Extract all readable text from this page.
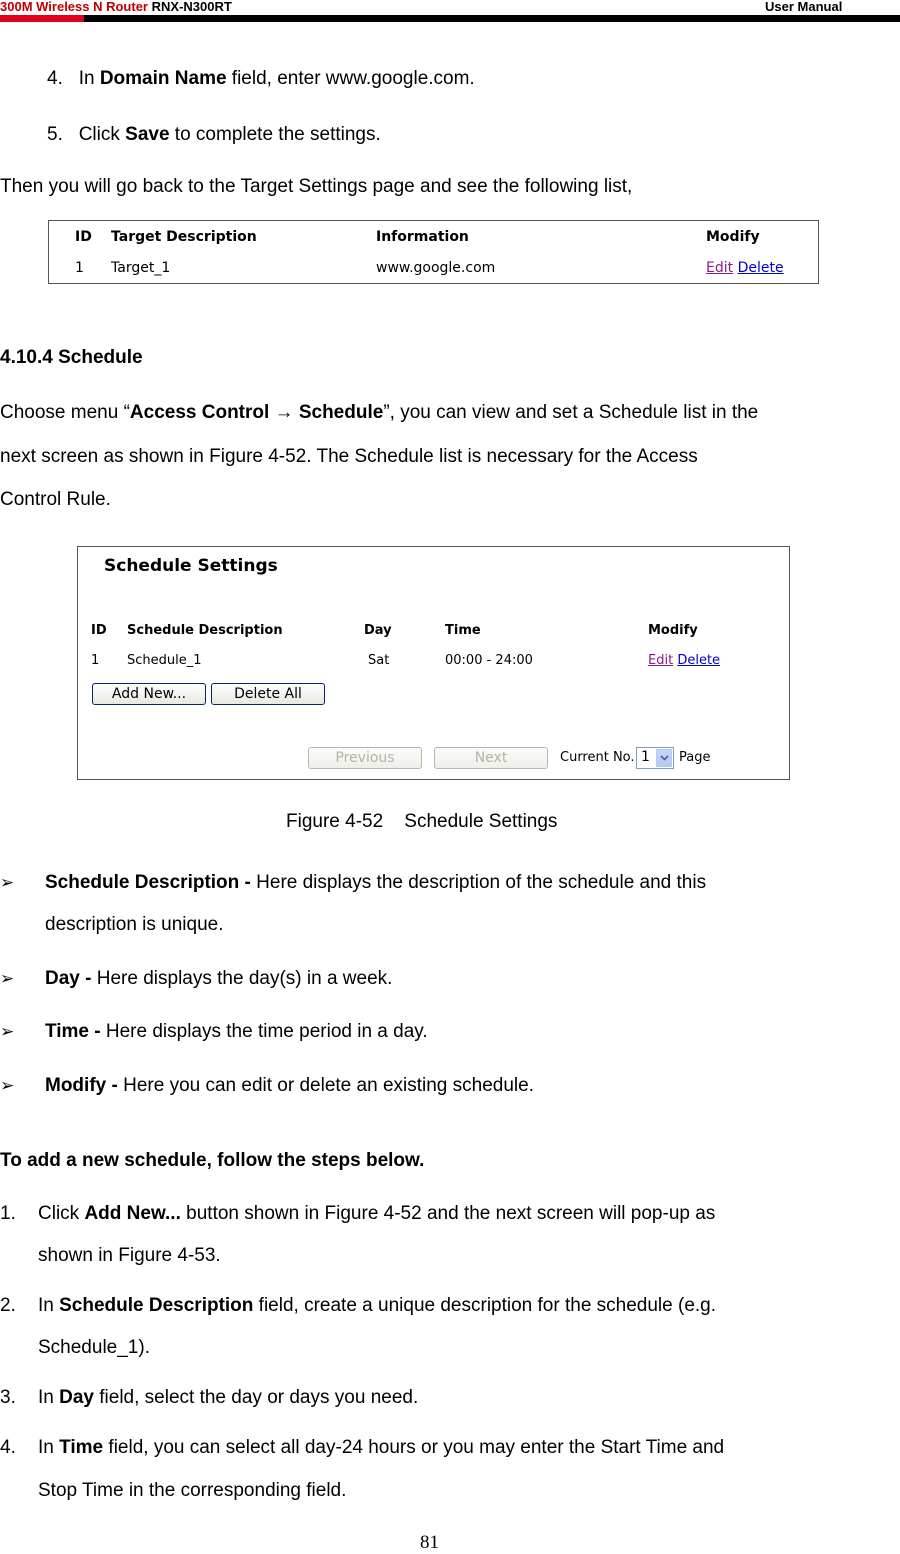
300M Wireless N Router RNX-N300RT	User Manual
4. In Domain Name field, enter www.google.com.
5. Click Save to complete the settings.
Then you will go back to the Target Settings page and see the following list,
ID Target Description	Information	Modify
1 Target_1	www.google.com	Edit Delete
4.10.4 Schedule
Choose menu “Access Control → Schedule”, you can view and set a Schedule list in the
next screen as shown in Figure 4-52. The Schedule list is necessary for the Access
Control Rule.
Schedule Settings
ID Schedule Description	Day	Time	Modify
1 Schedule_1	Sat	00:00 - 24:00	Edit Delete
Add New...	Delete All
Previous	Next	Current No. 1 Page
Figure 4-52    Schedule Settings
➢ Schedule Description - Here displays the description of the schedule and this
description is unique.
➢ Day - Here displays the day(s) in a week.
➢ Time - Here displays the time period in a day.
➢ Modify - Here you can edit or delete an existing schedule.
To add a new schedule, follow the steps below.
1. Click Add New... button shown in Figure 4-52 and the next screen will pop-up as
shown in Figure 4-53.
2. In Schedule Description field, create a unique description for the schedule (e.g.
Schedule_1).
3. In Day field, select the day or days you need.
4. In Time field, you can select all day-24 hours or you may enter the Start Time and
Stop Time in the corresponding field.
81
